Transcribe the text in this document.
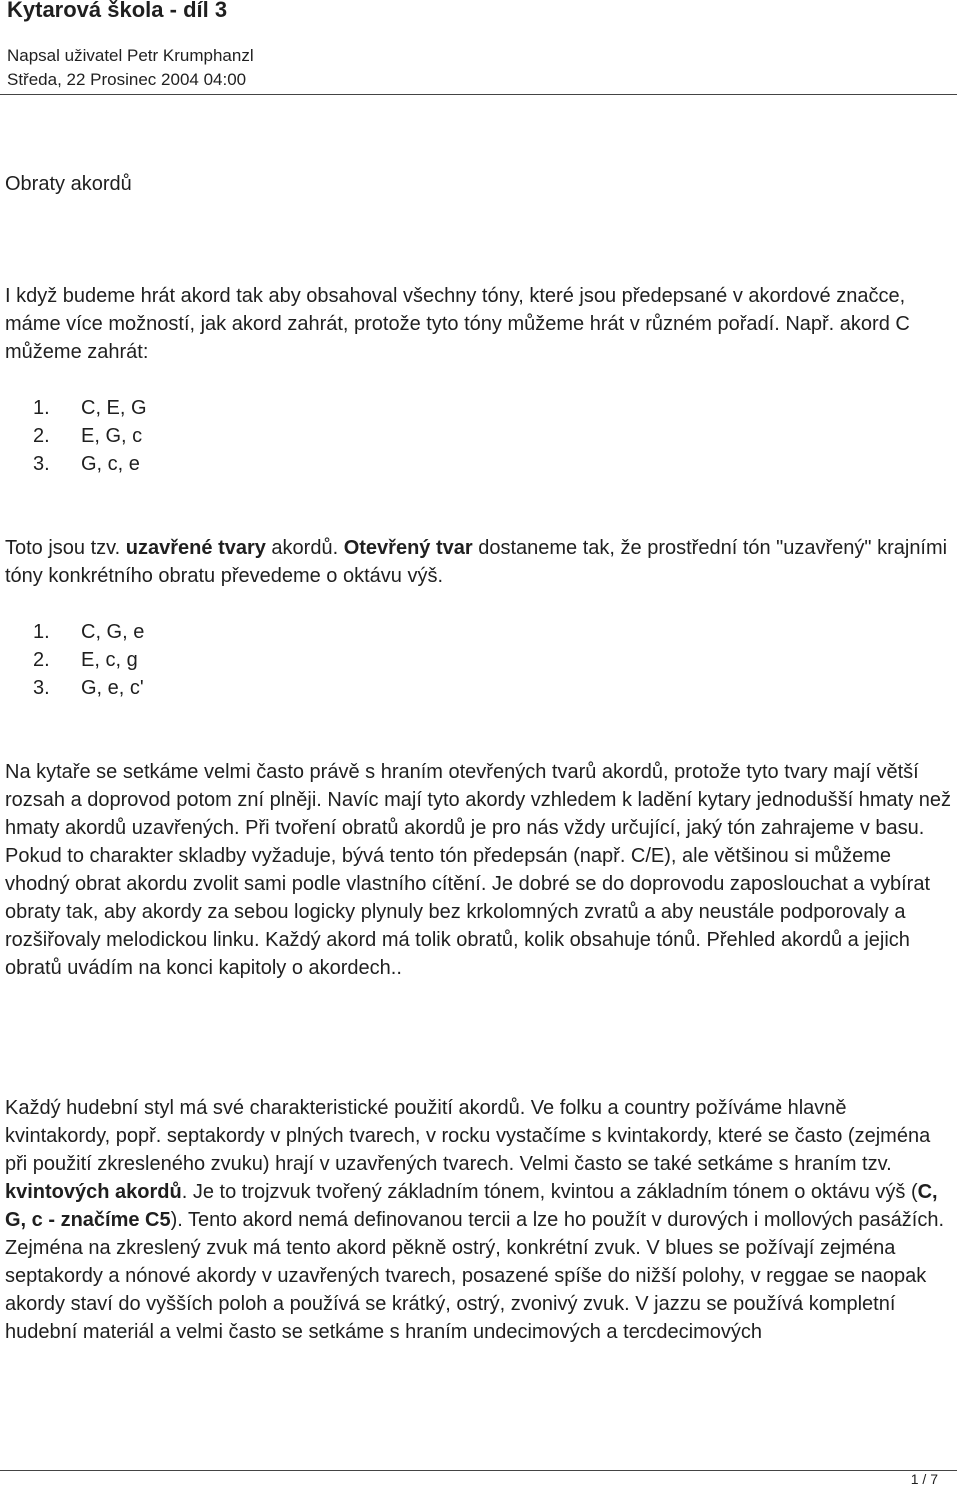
Kytarová škola - díl 3
Napsal uživatel Petr Krumphanzl
Středa, 22 Prosinec 2004 04:00
Obraty akordů

I když budeme hrát akord tak aby obsahoval všechny tóny, které jsou předepsané v akordové značce, máme více možností, jak akord zahrát, protože tyto tóny můžeme hrát v různém pořadí. Např. akord C můžeme zahrát:

1. C, E, G
2. E, G, c
3. G, c, e

Toto jsou tzv. uzavřené tvary akordů. Otevřený tvar dostaneme tak, že prostřední tón "uzavřený" krajními tóny konkrétního obratu převedeme o oktávu výš.

1. C, G, e
2. E, c, g
3. G, e, c'

Na kytaře se setkáme velmi často právě s hraním otevřených tvarů akordů, protože tyto tvary mají větší rozsah a doprovod potom zní plněji. Navíc mají tyto akordy vzhledem k ladění kytary jednodušší hmaty než hmaty akordů uzavřených. Při tvoření obratů akordů je pro nás vždy určující, jaký tón zahrajeme v basu. Pokud to charakter skladby vyžaduje, bývá tento tón předepsán (např. C/E), ale většinou si můžeme vhodný obrat akordu zvolit sami podle vlastního cítění. Je dobré se do doprovodu zaposlouchat a vybírat obraty tak, aby akordy za sebou logicky plynuly bez krkolomných zvratů a aby neustále podporovaly a rozšiřovaly melodickou linku. Každý akord má tolik obratů, kolik obsahuje tónů. Přehled akordů a jejich obratů uvádím na konci kapitoly o akordech..

Každý hudební styl má své charakteristické použití akordů. Ve folku a country požíváme hlavně kvintakordy, popř. septakordy v plných tvarech, v rocku vystačíme s kvintakordy, které se často (zejména při použití zkresleného zvuku) hrají v uzavřených tvarech. Velmi často se také setkáme s hraním tzv. kvintových akordů. Je to trojzvuk tvořený základním tónem, kvintou a základním tónem o oktávu výš (C, G, c - značíme C5). Tento akord nemá definovanou tercii a lze ho použít v durových i mollových pasážích. Zejména na zkreslený zvuk má tento akord pěkně ostrý, konkrétní zvuk. V blues se požívají zejména septakordy a nónové akordy v uzavřených tvarech, posazené spíše do nižší polohy, v reggae se naopak akordy staví do vyšších poloh a používá se krátký, ostrý, zvonivý zvuk. V jazzu se používá kompletní hudební materiál a velmi často se setkáme s hraním undecimových a tercdecimových

1 / 7
